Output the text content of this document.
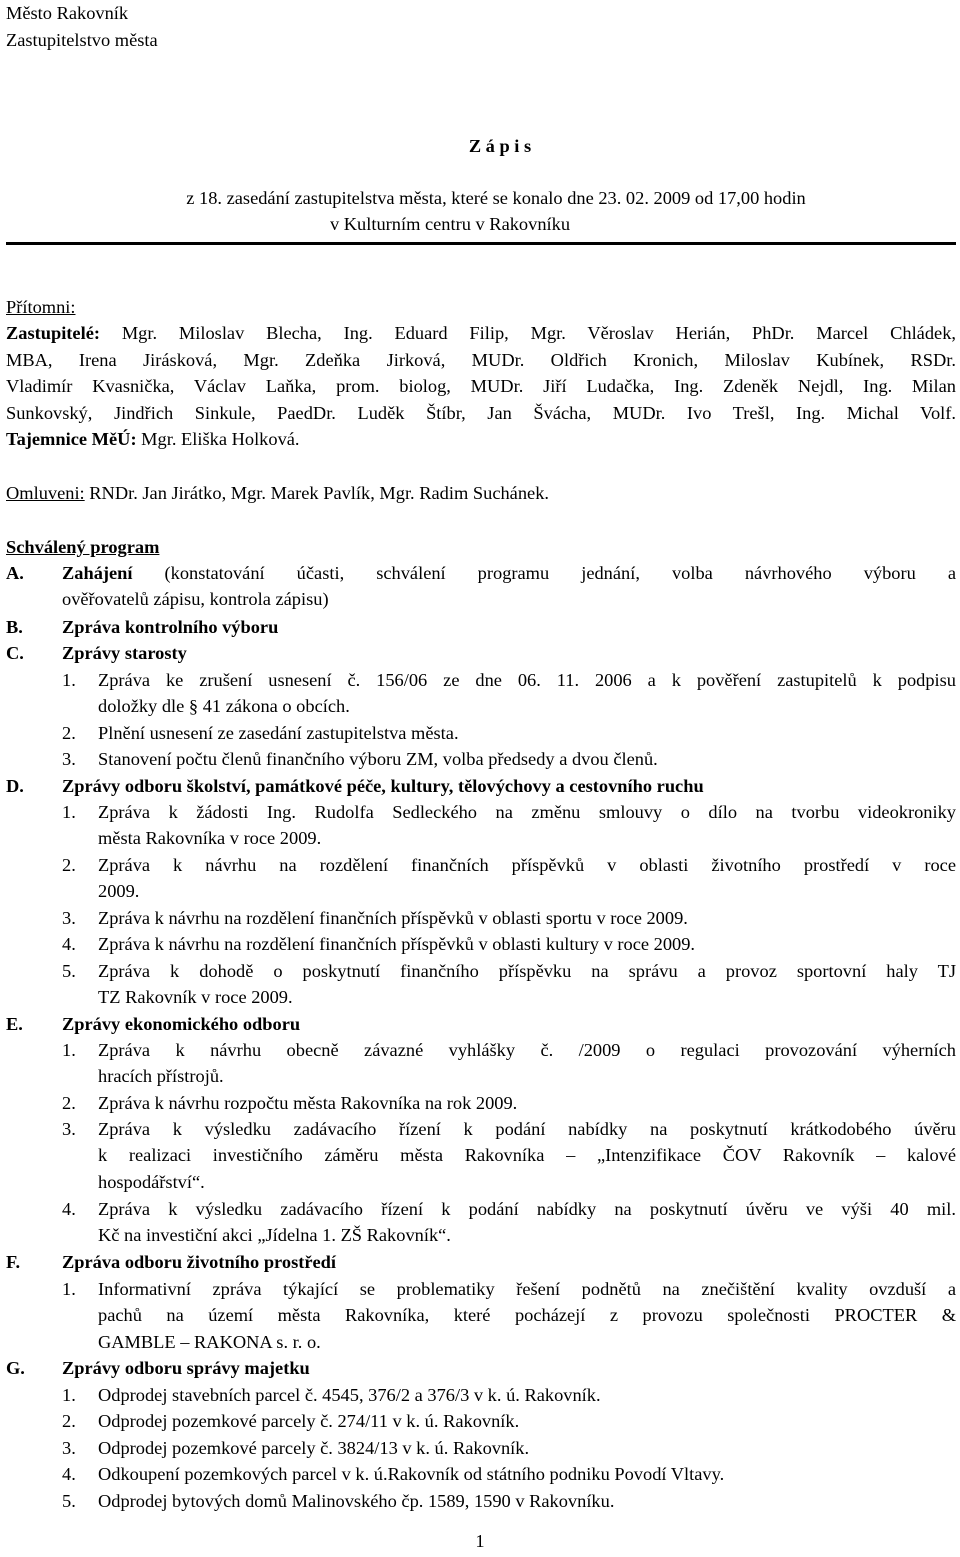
Město Rakovník
Zastupitelstvo města
Z á p i s
z 18. zasedání zastupitelstva města, které se konalo dne 23. 02. 2009 od 17,00 hodin
v Kulturním centru v Rakovníku
Přítomni:
Zastupitelé: Mgr. Miloslav Blecha, Ing. Eduard Filip, Mgr. Věroslav Herián, PhDr. Marcel Chládek,
MBA, Irena Jirásková, Mgr. Zdeňka Jirková, MUDr. Oldřich Kronich, Miloslav Kubínek, RSDr.
Vladimír Kvasnička, Václav Laňka, prom. biolog, MUDr. Jiří Ludačka, Ing. Zdeněk Nejdl, Ing. Milan
Sunkovský, Jindřich Sinkule, PaedDr. Luděk Štíbr, Jan Švácha, MUDr. Ivo Trešl, Ing. Michal Volf.
Tajemnice MěÚ: Mgr. Eliška Holková.
Omluveni: RNDr. Jan Jirátko, Mgr. Marek Pavlík, Mgr. Radim Suchánek.
Schválený program
A. Zahájení (konstatování účasti, schválení programu jednání, volba návrhového výboru a
ověřovatelů zápisu, kontrola zápisu)
B. Zpráva kontrolního výboru
C. Zprávy starosty
1. Zpráva ke zrušení usnesení č. 156/06 ze dne 06. 11. 2006 a k pověření zastupitelů k podpisu
doložky dle § 41 zákona o obcích.
2. Plnění usnesení ze zasedání zastupitelstva města.
3. Stanovení počtu členů finančního výboru ZM, volba předsedy a dvou členů.
D. Zprávy odboru školství, památkové péče, kultury, tělovýchovy a cestovního ruchu
1. Zpráva k žádosti Ing. Rudolfa Sedleckého na změnu smlouvy o dílo na tvorbu videokroniky
města Rakovníka v roce 2009.
2. Zpráva k návrhu na rozdělení finančních příspěvků v oblasti životního prostředí v roce
2009.
3. Zpráva k návrhu na rozdělení finančních příspěvků v oblasti sportu v roce 2009.
4. Zpráva k návrhu na rozdělení finančních příspěvků v oblasti kultury v roce 2009.
5. Zpráva k dohodě o poskytnutí finančního příspěvku na správu a provoz sportovní haly TJ
TZ Rakovník v roce 2009.
E. Zprávy ekonomického odboru
1. Zpráva k návrhu obecně závazné vyhlášky č. /2009 o regulaci provozování výherních
hracích přístrojů.
2. Zpráva k návrhu rozpočtu města Rakovníka na rok 2009.
3. Zpráva k výsledku zadávacího řízení k podání nabídky na poskytnutí krátkodobého úvěru
k realizaci investičního záměru města Rakovníka – „Intenzifikace ČOV Rakovník – kalové
hospodářství“.
4. Zpráva k výsledku zadávacího řízení k podání nabídky na poskytnutí úvěru ve výši 40 mil.
Kč na investiční akci „Jídelna 1. ZŠ Rakovník“.
F. Zpráva odboru životního prostředí
1. Informativní zpráva týkající se problematiky řešení podnětů na znečištění kvality ovzduší a
pachů na území města Rakovníka, které pocházejí z provozu společnosti PROCTER &
GAMBLE – RAKONA s. r. o.
G. Zprávy odboru správy majetku
1. Odprodej stavebních parcel č. 4545, 376/2 a 376/3 v k. ú. Rakovník.
2. Odprodej pozemkové parcely č. 274/11 v k. ú. Rakovník.
3. Odprodej pozemkové parcely č. 3824/13 v k. ú. Rakovník.
4. Odkoupení pozemkových parcel v k. ú.Rakovník od státního podniku Povodí Vltavy.
5. Odprodej bytových domů Malinovského čp. 1589, 1590 v Rakovníku.
1
